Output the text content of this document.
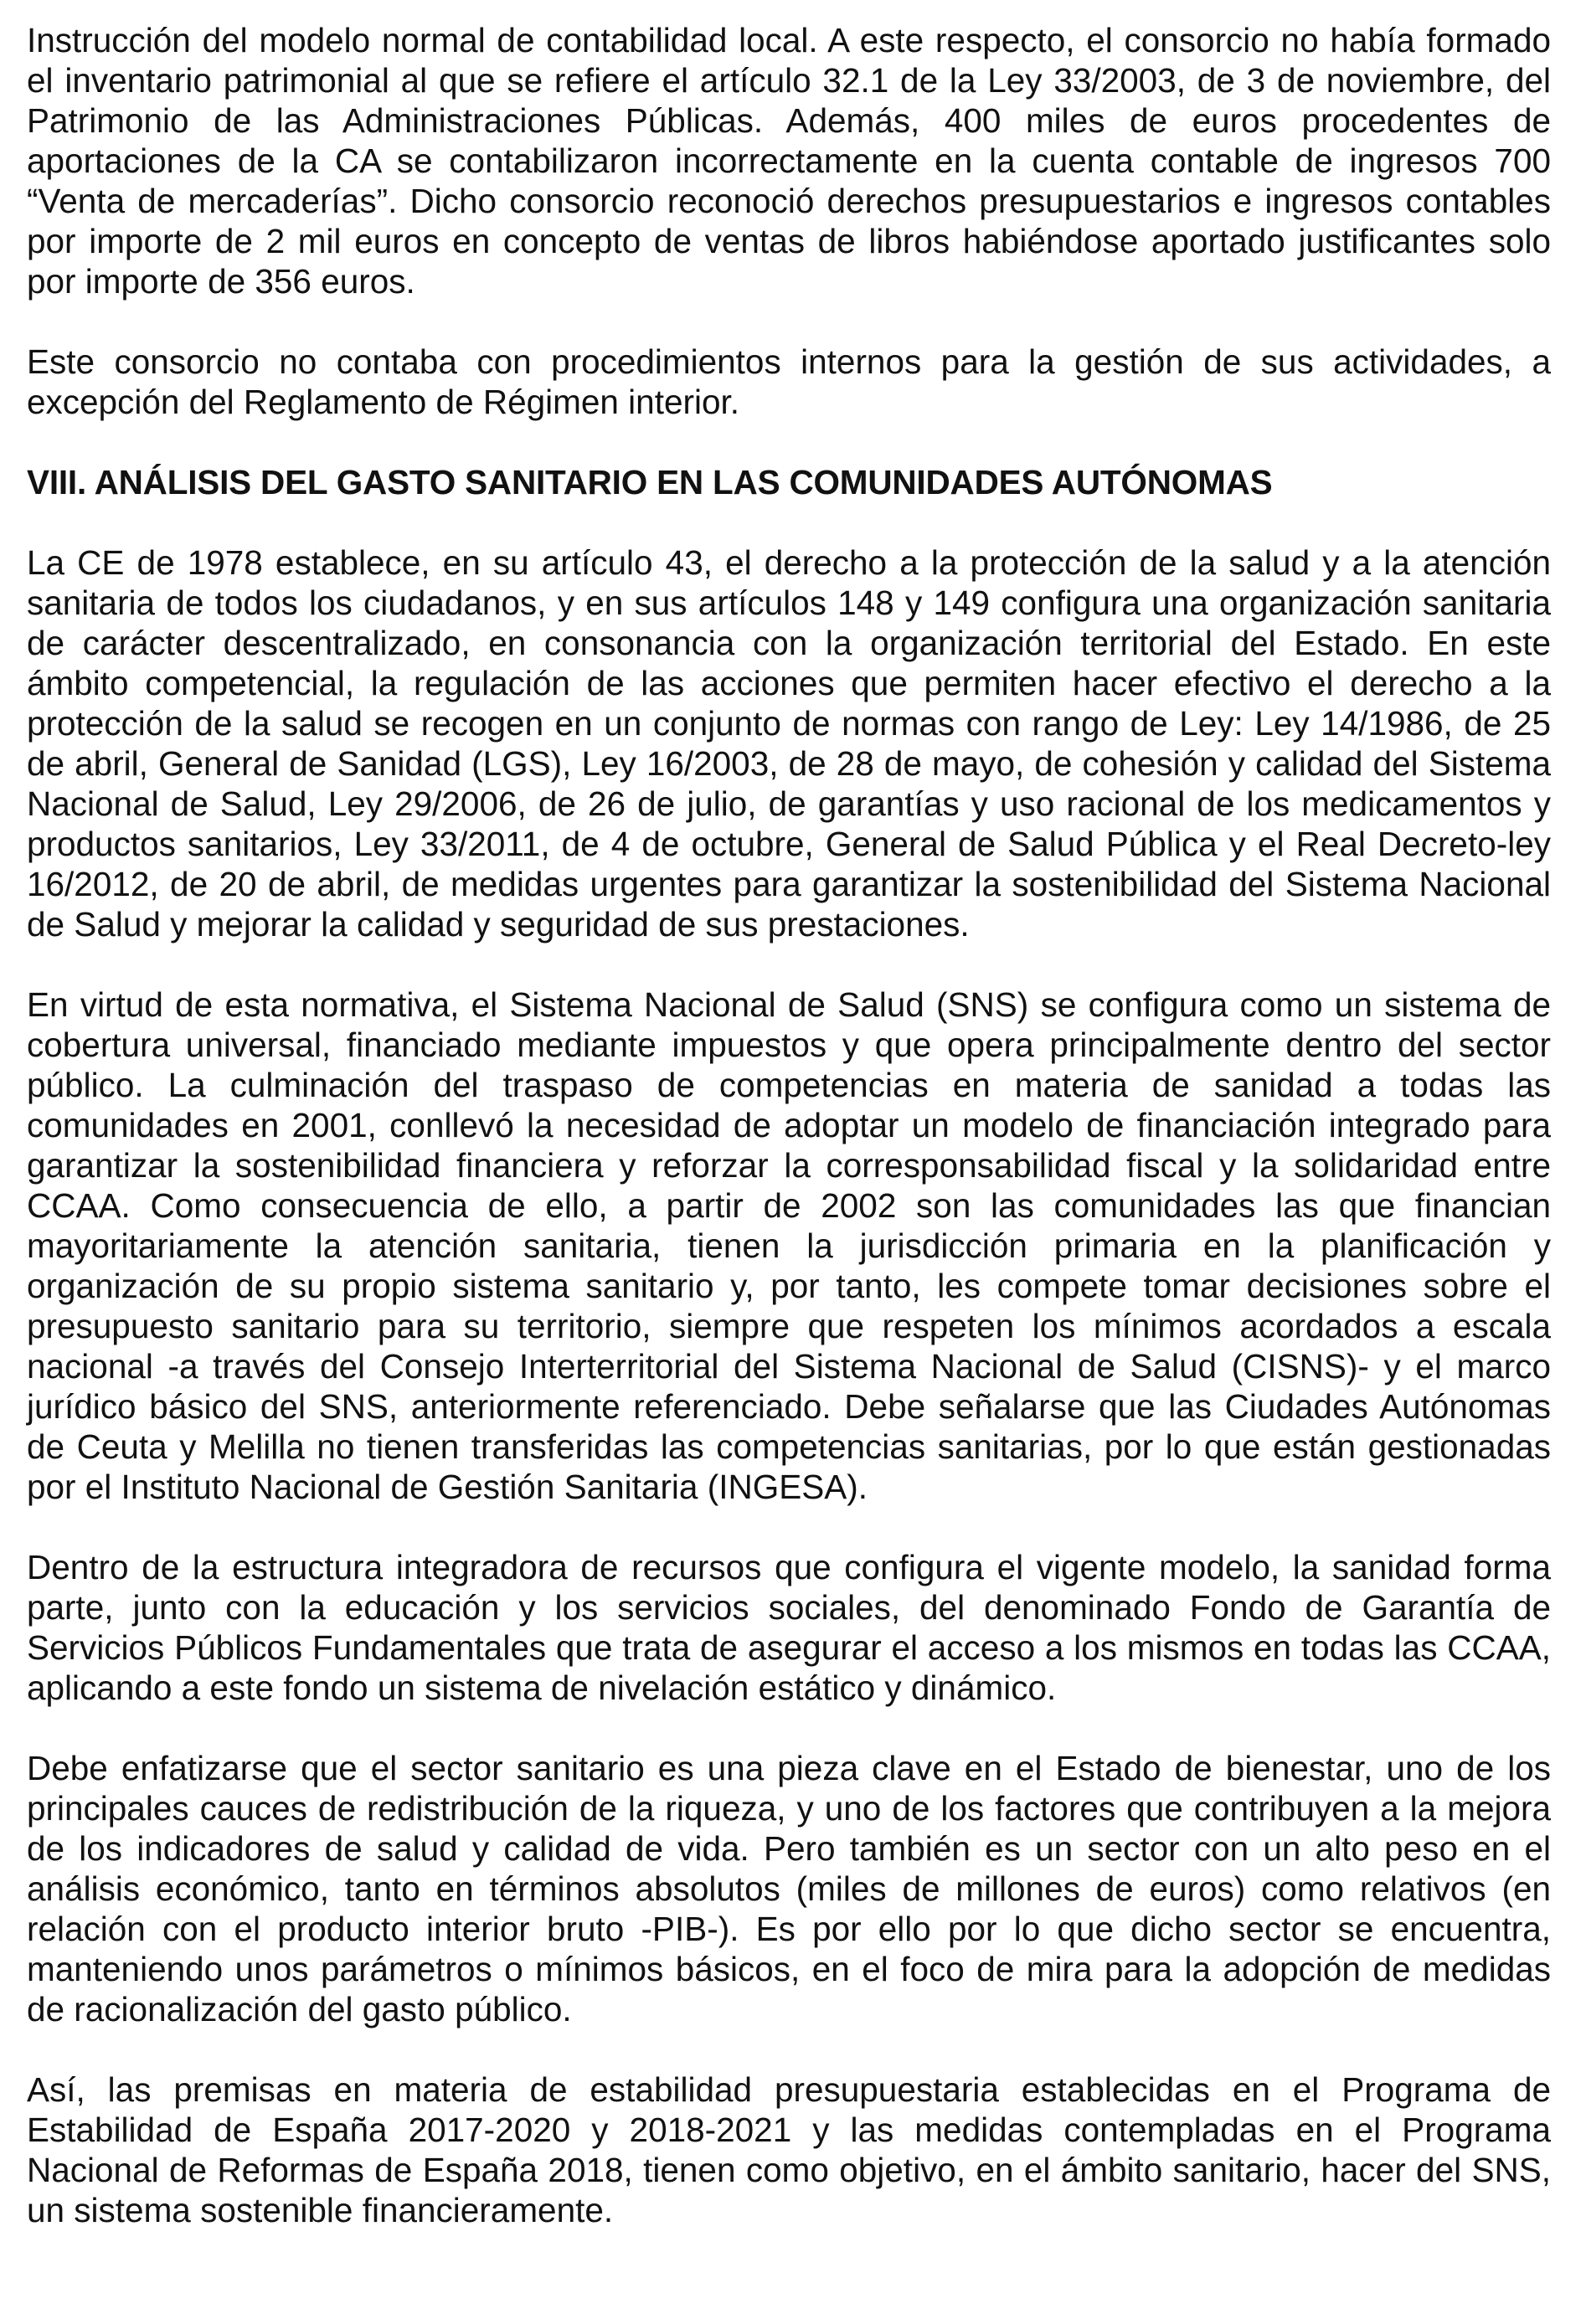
Instrucción del modelo normal de contabilidad local. A este respecto, el consorcio no había formado el inventario patrimonial al que se refiere el artículo 32.1 de la Ley 33/2003, de 3 de noviembre, del Patrimonio de las Administraciones Públicas. Además, 400 miles de euros procedentes de aportaciones de la CA se contabilizaron incorrectamente en la cuenta contable de ingresos 700 “Venta de mercaderías”. Dicho consorcio reconoció derechos presupuestarios e ingresos contables por importe de 2 mil euros en concepto de ventas de libros habiéndose aportado justificantes solo por importe de 356 euros.

Este consorcio no contaba con procedimientos internos para la gestión de sus actividades, a excepción del Reglamento de Régimen interior.

VIII. ANÁLISIS DEL GASTO SANITARIO EN LAS COMUNIDADES AUTÓNOMAS

La CE de 1978 establece, en su artículo 43, el derecho a la protección de la salud y a la atención sanitaria de todos los ciudadanos, y en sus artículos 148 y 149 configura una organización sanitaria de carácter descentralizado, en consonancia con la organización territorial del Estado. En este ámbito competencial, la regulación de las acciones que permiten hacer efectivo el derecho a la protección de la salud se recogen en un conjunto de normas con rango de Ley: Ley 14/1986, de 25 de abril, General de Sanidad (LGS), Ley 16/2003, de 28 de mayo, de cohesión y calidad del Sistema Nacional de Salud, Ley 29/2006, de 26 de julio, de garantías y uso racional de los medicamentos y productos sanitarios, Ley 33/2011, de 4 de octubre, General de Salud Pública y el Real Decreto-ley 16/2012, de 20 de abril, de medidas urgentes para garantizar la sostenibilidad del Sistema Nacional de Salud y mejorar la calidad y seguridad de sus prestaciones.

En virtud de esta normativa, el Sistema Nacional de Salud (SNS) se configura como un sistema de cobertura universal, financiado mediante impuestos y que opera principalmente dentro del sector público. La culminación del traspaso de competencias en materia de sanidad a todas las comunidades en 2001, conllevó la necesidad de adoptar un modelo de financiación integrado para garantizar la sostenibilidad financiera y reforzar la corresponsabilidad fiscal y la solidaridad entre CCAA. Como consecuencia de ello, a partir de 2002 son las comunidades las que financian mayoritariamente la atención sanitaria, tienen la jurisdicción primaria en la planificación y organización de su propio sistema sanitario y, por tanto, les compete tomar decisiones sobre el presupuesto sanitario para su territorio, siempre que respeten los mínimos acordados a escala nacional -a través del Consejo Interterritorial del Sistema Nacional de Salud (CISNS)- y el marco jurídico básico del SNS, anteriormente referenciado. Debe señalarse que las Ciudades Autónomas de Ceuta y Melilla no tienen transferidas las competencias sanitarias, por lo que están gestionadas por el Instituto Nacional de Gestión Sanitaria (INGESA).

Dentro de la estructura integradora de recursos que configura el vigente modelo, la sanidad forma parte, junto con la educación y los servicios sociales, del denominado Fondo de Garantía de Servicios Públicos Fundamentales que trata de asegurar el acceso a los mismos en todas las CCAA, aplicando a este fondo un sistema de nivelación estático y dinámico.

Debe enfatizarse que el sector sanitario es una pieza clave en el Estado de bienestar, uno de los principales cauces de redistribución de la riqueza, y uno de los factores que contribuyen a la mejora de los indicadores de salud y calidad de vida. Pero también es un sector con un alto peso en el análisis económico, tanto en términos absolutos (miles de millones de euros) como relativos (en relación con el producto interior bruto -PIB-). Es por ello por lo que dicho sector se encuentra, manteniendo unos parámetros o mínimos básicos, en el foco de mira para la adopción de medidas de racionalización del gasto público.

Así, las premisas en materia de estabilidad presupuestaria establecidas en el Programa de Estabilidad de España 2017-2020 y 2018-2021 y las medidas contempladas en el Programa Nacional de Reformas de España 2018, tienen como objetivo, en el ámbito sanitario, hacer del SNS, un sistema sostenible financieramente.
